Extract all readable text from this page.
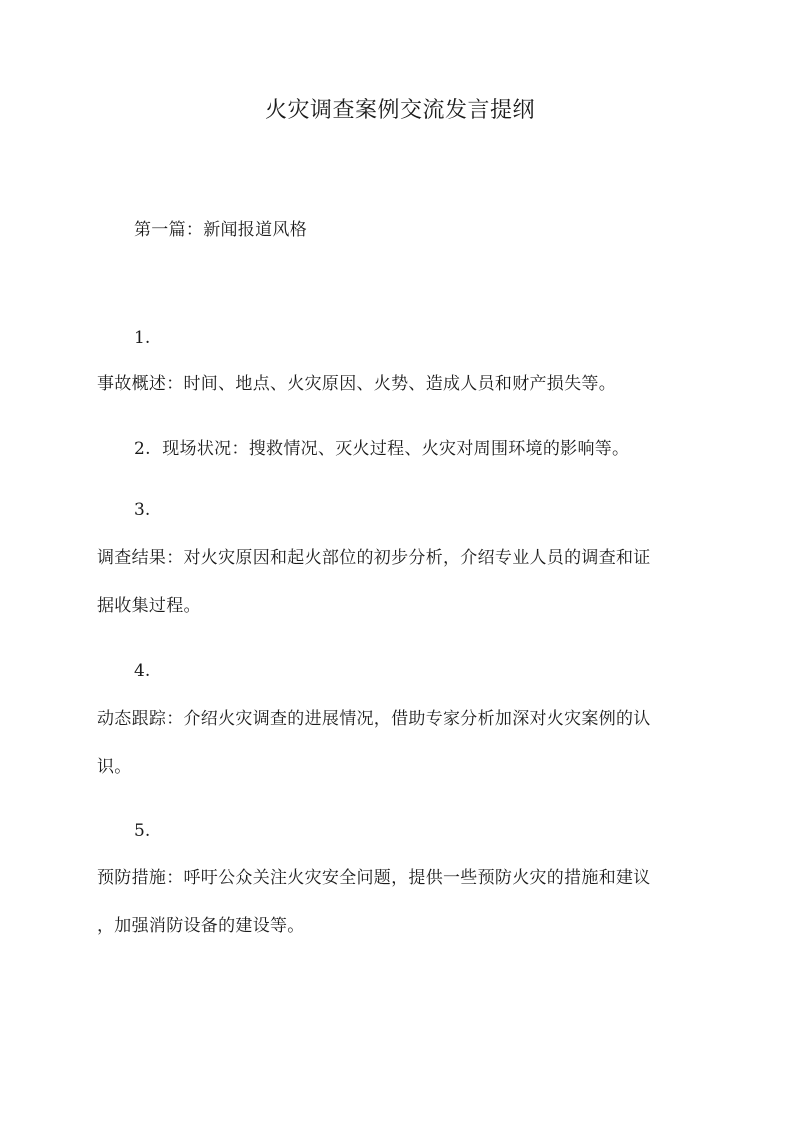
火灾调查案例交流发言提纲
第一篇：新闻报道风格
1.
事故概述：时间、地点、火灾原因、火势、造成人员和财产损失等。
2. 现场状况：搜救情况、灭火过程、火灾对周围环境的影响等。
3.
调查结果：对火灾原因和起火部位的初步分析，介绍专业人员的调查和证
据收集过程。
4.
动态跟踪：介绍火灾调查的进展情况，借助专家分析加深对火灾案例的认
识。
5.
预防措施：呼吁公众关注火灾安全问题，提供一些预防火灾的措施和建议
，加强消防设备的建设等。
